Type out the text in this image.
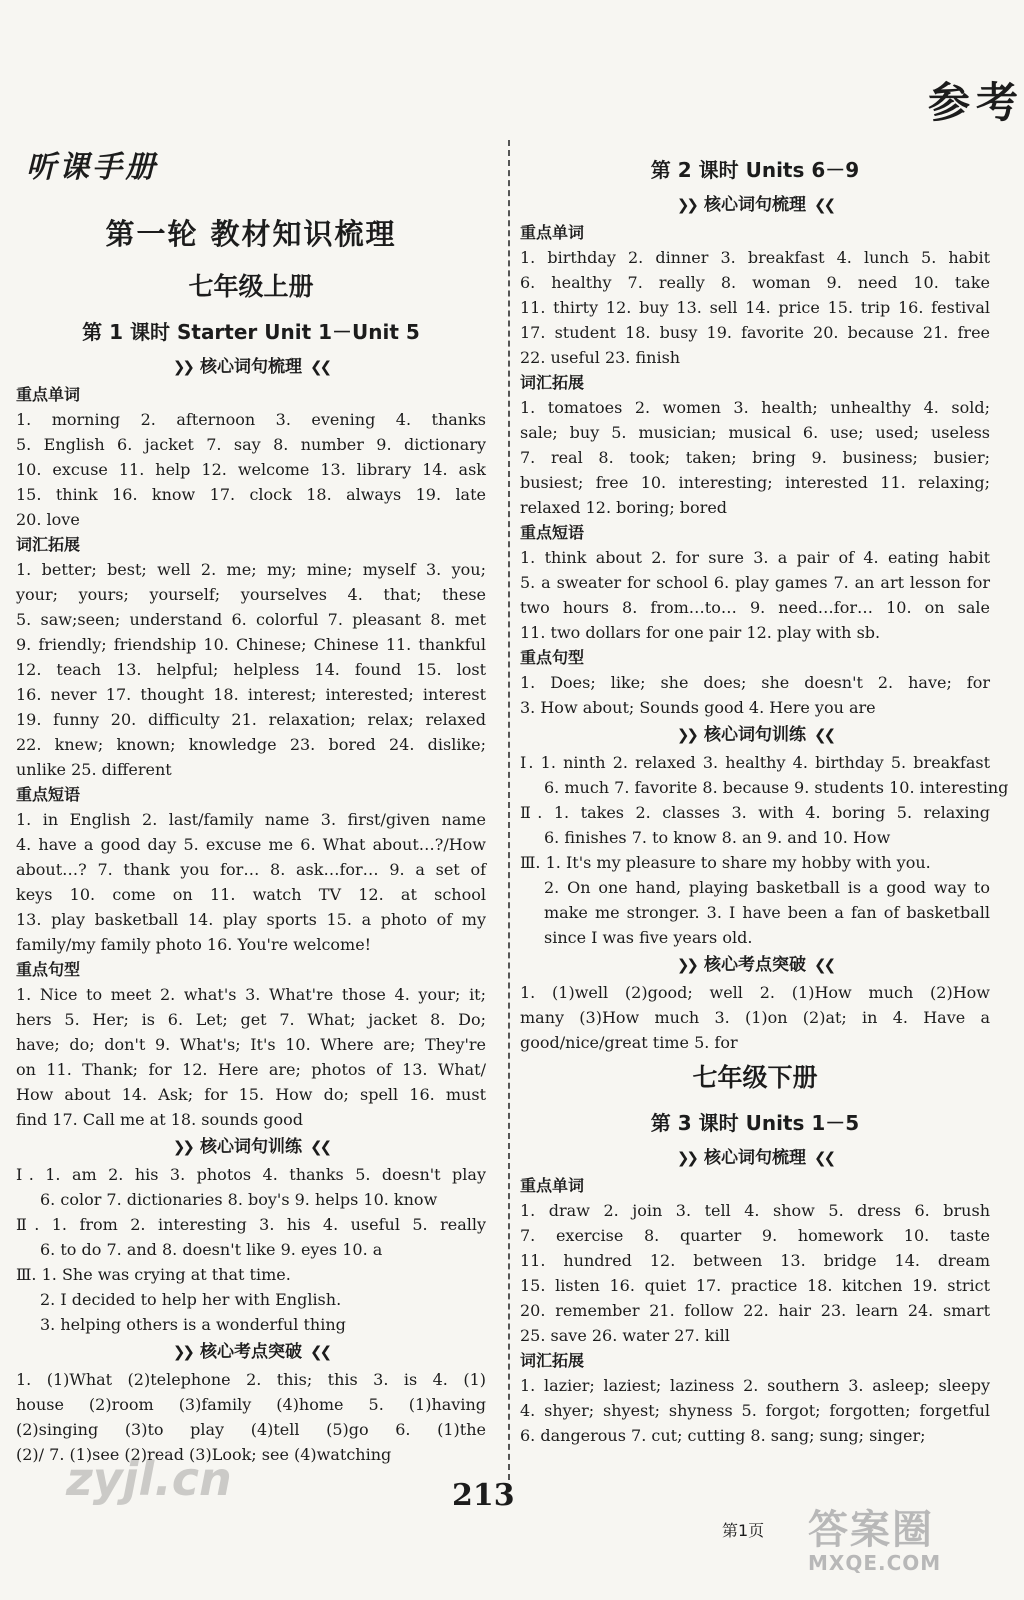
参考
听课手册
第一轮 教材知识梳理
七年级上册
第 1 课时 Starter Unit 1－Unit 5
❯❯ 核心词句梳理 ❮❮
重点单词
1. morning 2. afternoon 3. evening 4. thanks
5. English 6. jacket 7. say 8. number 9. dictionary
10. excuse 11. help 12. welcome 13. library 14. ask
15. think 16. know 17. clock 18. always 19. late
20. love
词汇拓展
1. better; best; well 2. me; my; mine; myself 3. you;
your; yours; yourself; yourselves 4. that; these
5. saw;seen; understand 6. colorful 7. pleasant 8. met
9. friendly; friendship 10. Chinese; Chinese 11. thankful
12. teach 13. helpful; helpless 14. found 15. lost
16. never 17. thought 18. interest; interested; interest
19. funny 20. difficulty 21. relaxation; relax; relaxed
22. knew; known; knowledge 23. bored 24. dislike;
unlike 25. different
重点短语
1. in English 2. last/family name 3. first/given name
4. have a good day 5. excuse me 6. What about…?/How
about…? 7. thank you for… 8. ask…for… 9. a set of
keys 10. come on 11. watch TV 12. at school
13. play basketball 14. play sports 15. a photo of my
family/my family photo 16. You're welcome!
重点句型
1. Nice to meet 2. what's 3. What're those 4. your; it;
hers 5. Her; is 6. Let; get 7. What; jacket 8. Do;
have; do; don't 9. What's; It's 10. Where are; They're
on 11. Thank; for 12. Here are; photos of 13. What/
How about 14. Ask; for 15. How do; spell 16. must
find 17. Call me at 18. sounds good
❯❯ 核心词句训练 ❮❮
Ⅰ. 1. am 2. his 3. photos 4. thanks 5. doesn't play
6. color 7. dictionaries 8. boy's 9. helps 10. know
Ⅱ. 1. from 2. interesting 3. his 4. useful 5. really
6. to do 7. and 8. doesn't like 9. eyes 10. a
Ⅲ. 1. She was crying at that time.
2. I decided to help her with English.
3. helping others is a wonderful thing
❯❯ 核心考点突破 ❮❮
1. (1)What (2)telephone 2. this; this 3. is 4. (1)
house (2)room (3)family (4)home 5. (1)having
(2)singing (3)to play (4)tell (5)go 6. (1)the
(2)/ 7. (1)see (2)read (3)Look; see (4)watching
第 2 课时 Units 6－9
❯❯ 核心词句梳理 ❮❮
重点单词
1. birthday 2. dinner 3. breakfast 4. lunch 5. habit
6. healthy 7. really 8. woman 9. need 10. take
11. thirty 12. buy 13. sell 14. price 15. trip 16. festival
17. student 18. busy 19. favorite 20. because 21. free
22. useful 23. finish
词汇拓展
1. tomatoes 2. women 3. health; unhealthy 4. sold;
sale; buy 5. musician; musical 6. use; used; useless
7. real 8. took; taken; bring 9. business; busier;
busiest; free 10. interesting; interested 11. relaxing;
relaxed 12. boring; bored
重点短语
1. think about 2. for sure 3. a pair of 4. eating habit
5. a sweater for school 6. play games 7. an art lesson for
two hours 8. from…to… 9. need…for… 10. on sale
11. two dollars for one pair 12. play with sb.
重点句型
1. Does; like; she does; she doesn't 2. have; for
3. How about; Sounds good 4. Here you are
❯❯ 核心词句训练 ❮❮
Ⅰ. 1. ninth 2. relaxed 3. healthy 4. birthday 5. breakfast
6. much 7. favorite 8. because 9. students 10. interesting
Ⅱ. 1. takes 2. classes 3. with 4. boring 5. relaxing
6. finishes 7. to know 8. an 9. and 10. How
Ⅲ. 1. It's my pleasure to share my hobby with you.
2. On one hand, playing basketball is a good way to
make me stronger. 3. I have been a fan of basketball
since I was five years old.
❯❯ 核心考点突破 ❮❮
1. (1)well (2)good; well 2. (1)How much (2)How
many (3)How much 3. (1)on (2)at; in 4. Have a
good/nice/great time 5. for
七年级下册
第 3 课时 Units 1－5
❯❯ 核心词句梳理 ❮❮
重点单词
1. draw 2. join 3. tell 4. show 5. dress 6. brush
7. exercise 8. quarter 9. homework 10. taste
11. hundred 12. between 13. bridge 14. dream
15. listen 16. quiet 17. practice 18. kitchen 19. strict
20. remember 21. follow 22. hair 23. learn 24. smart
25. save 26. water 27. kill
词汇拓展
1. lazier; laziest; laziness 2. southern 3. asleep; sleepy
4. shyer; shyest; shyness 5. forgot; forgotten; forgetful
6. dangerous 7. cut; cutting 8. sang; sung; singer;
zyjl.cn	213
第1页 答案圈
MXQE.COM
